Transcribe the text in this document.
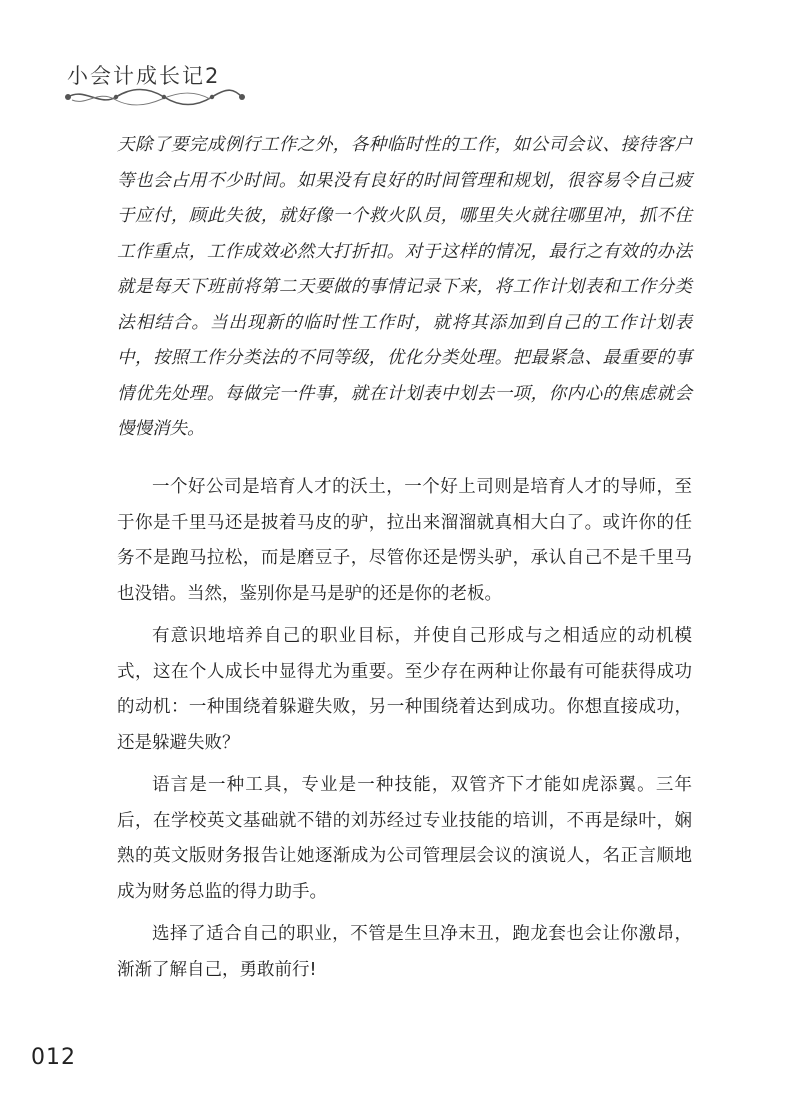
小会计成长记2

天除了要完成例行工作之外，各种临时性的工作，如公司会议、接待客户等也会占用不少时间。如果没有良好的时间管理和规划，很容易令自己疲于应付，顾此失彼，就好像一个救火队员，哪里失火就往哪里冲，抓不住工作重点，工作成效必然大打折扣。对于这样的情况，最行之有效的办法就是每天下班前将第二天要做的事情记录下来，将工作计划表和工作分类法相结合。当出现新的临时性工作时，就将其添加到自己的工作计划表中，按照工作分类法的不同等级，优化分类处理。把最紧急、最重要的事情优先处理。每做完一件事，就在计划表中划去一项，你内心的焦虑就会慢慢消失。

一个好公司是培育人才的沃土，一个好上司则是培育人才的导师，至于你是千里马还是披着马皮的驴，拉出来溜溜就真相大白了。或许你的任务不是跑马拉松，而是磨豆子，尽管你还是愣头驴，承认自己不是千里马也没错。当然，鉴别你是马是驴的还是你的老板。

有意识地培养自己的职业目标，并使自己形成与之相适应的动机模式，这在个人成长中显得尤为重要。至少存在两种让你最有可能获得成功的动机：一种围绕着躲避失败，另一种围绕着达到成功。你想直接成功，还是躲避失败？

语言是一种工具，专业是一种技能，双管齐下才能如虎添翼。三年后，在学校英文基础就不错的刘苏经过专业技能的培训，不再是绿叶，娴熟的英文版财务报告让她逐渐成为公司管理层会议的演说人，名正言顺地成为财务总监的得力助手。

选择了适合自己的职业，不管是生旦净末丑，跑龙套也会让你激昂，渐渐了解自己，勇敢前行!

012
